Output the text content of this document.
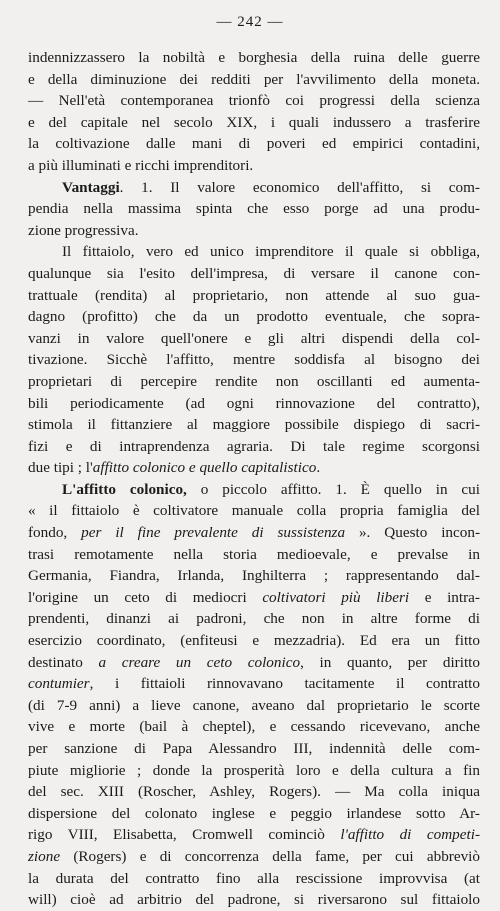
— 242 —
indennizzassero la nobiltà e borghesia della ruina delle guerre
e della diminuzione dei redditi per l'avvilimento della moneta.
— Nell'età contemporanea trionfò coi progressi della scienza
e del capitale nel secolo XIX, i quali indussero a trasferire
la coltivazione dalle mani di poveri ed empirici contadini,
a più illuminati e ricchi imprenditori.
Vantaggi. 1. Il valore economico dell'affitto, si com-
pendia nella massima spinta che esso porge ad una produ-
zione progressiva.
Il fittaiolo, vero ed unico imprenditore il quale si obbliga,
qualunque sia l'esito dell'impresa, di versare il canone con-
trattuale (rendita) al proprietario, non attende al suo gua-
dagno (profitto) che da un prodotto eventuale, che sopra-
vanzi in valore quell'onere e gli altri dispendi della col-
tivazione. Sicchè l'affitto, mentre soddisfa al bisogno dei
proprietari di percepire rendite non oscillanti ed aumenta-
bili periodicamente (ad ogni rinnovazione del contratto),
stimola il fittanziere al maggiore possibile dispiego di sacri-
fizi e di intraprendenza agraria. Di tale regime scorgonsi
due tipi ; l'affitto colonico e quello capitalistico.
L'affitto colonico, o piccolo affitto. 1. È quello in cui
« il fittaiolo è coltivatore manuale colla propria famiglia del
fondo, per il fine prevalente di sussistenza ». Questo incon-
trasi remotamente nella storia medioevale, e prevalse in
Germania, Fiandra, Irlanda, Inghilterra ; rappresentando dal-
l'origine un ceto di mediocri coltivatori più liberi e intra-
prendenti, dinanzi ai padroni, che non in altre forme di
esercizio coordinato, (enfiteusi e mezzadria). Ed era un fitto
destinato a creare un ceto colonico, in quanto, per diritto
contumier, i fittaioli rinnovavano tacitamente il contratto
(di 7-9 anni) a lieve canone, aveano dal proprietario le scorte
vive e morte (bail à cheptel), e cessando ricevevano, anche
per sanzione di Papa Alessandro III, indennità delle com-
piute migliorie ; donde la prosperità loro e della cultura a fin
del sec. XIII (Roscher, Ashley, Rogers). — Ma colla iniqua
dispersione del colonato inglese e peggio irlandese sotto Ar-
rigo VIII, Elisabetta, Cromwell cominciò l'affitto di competi-
zione (Rogers) e di concorrenza della fame, per cui abbreviò
la durata del contratto fino alla rescissione improvvisa (at
will) cioè ad arbitrio del padrone, si riversarono sul fittaiolo
